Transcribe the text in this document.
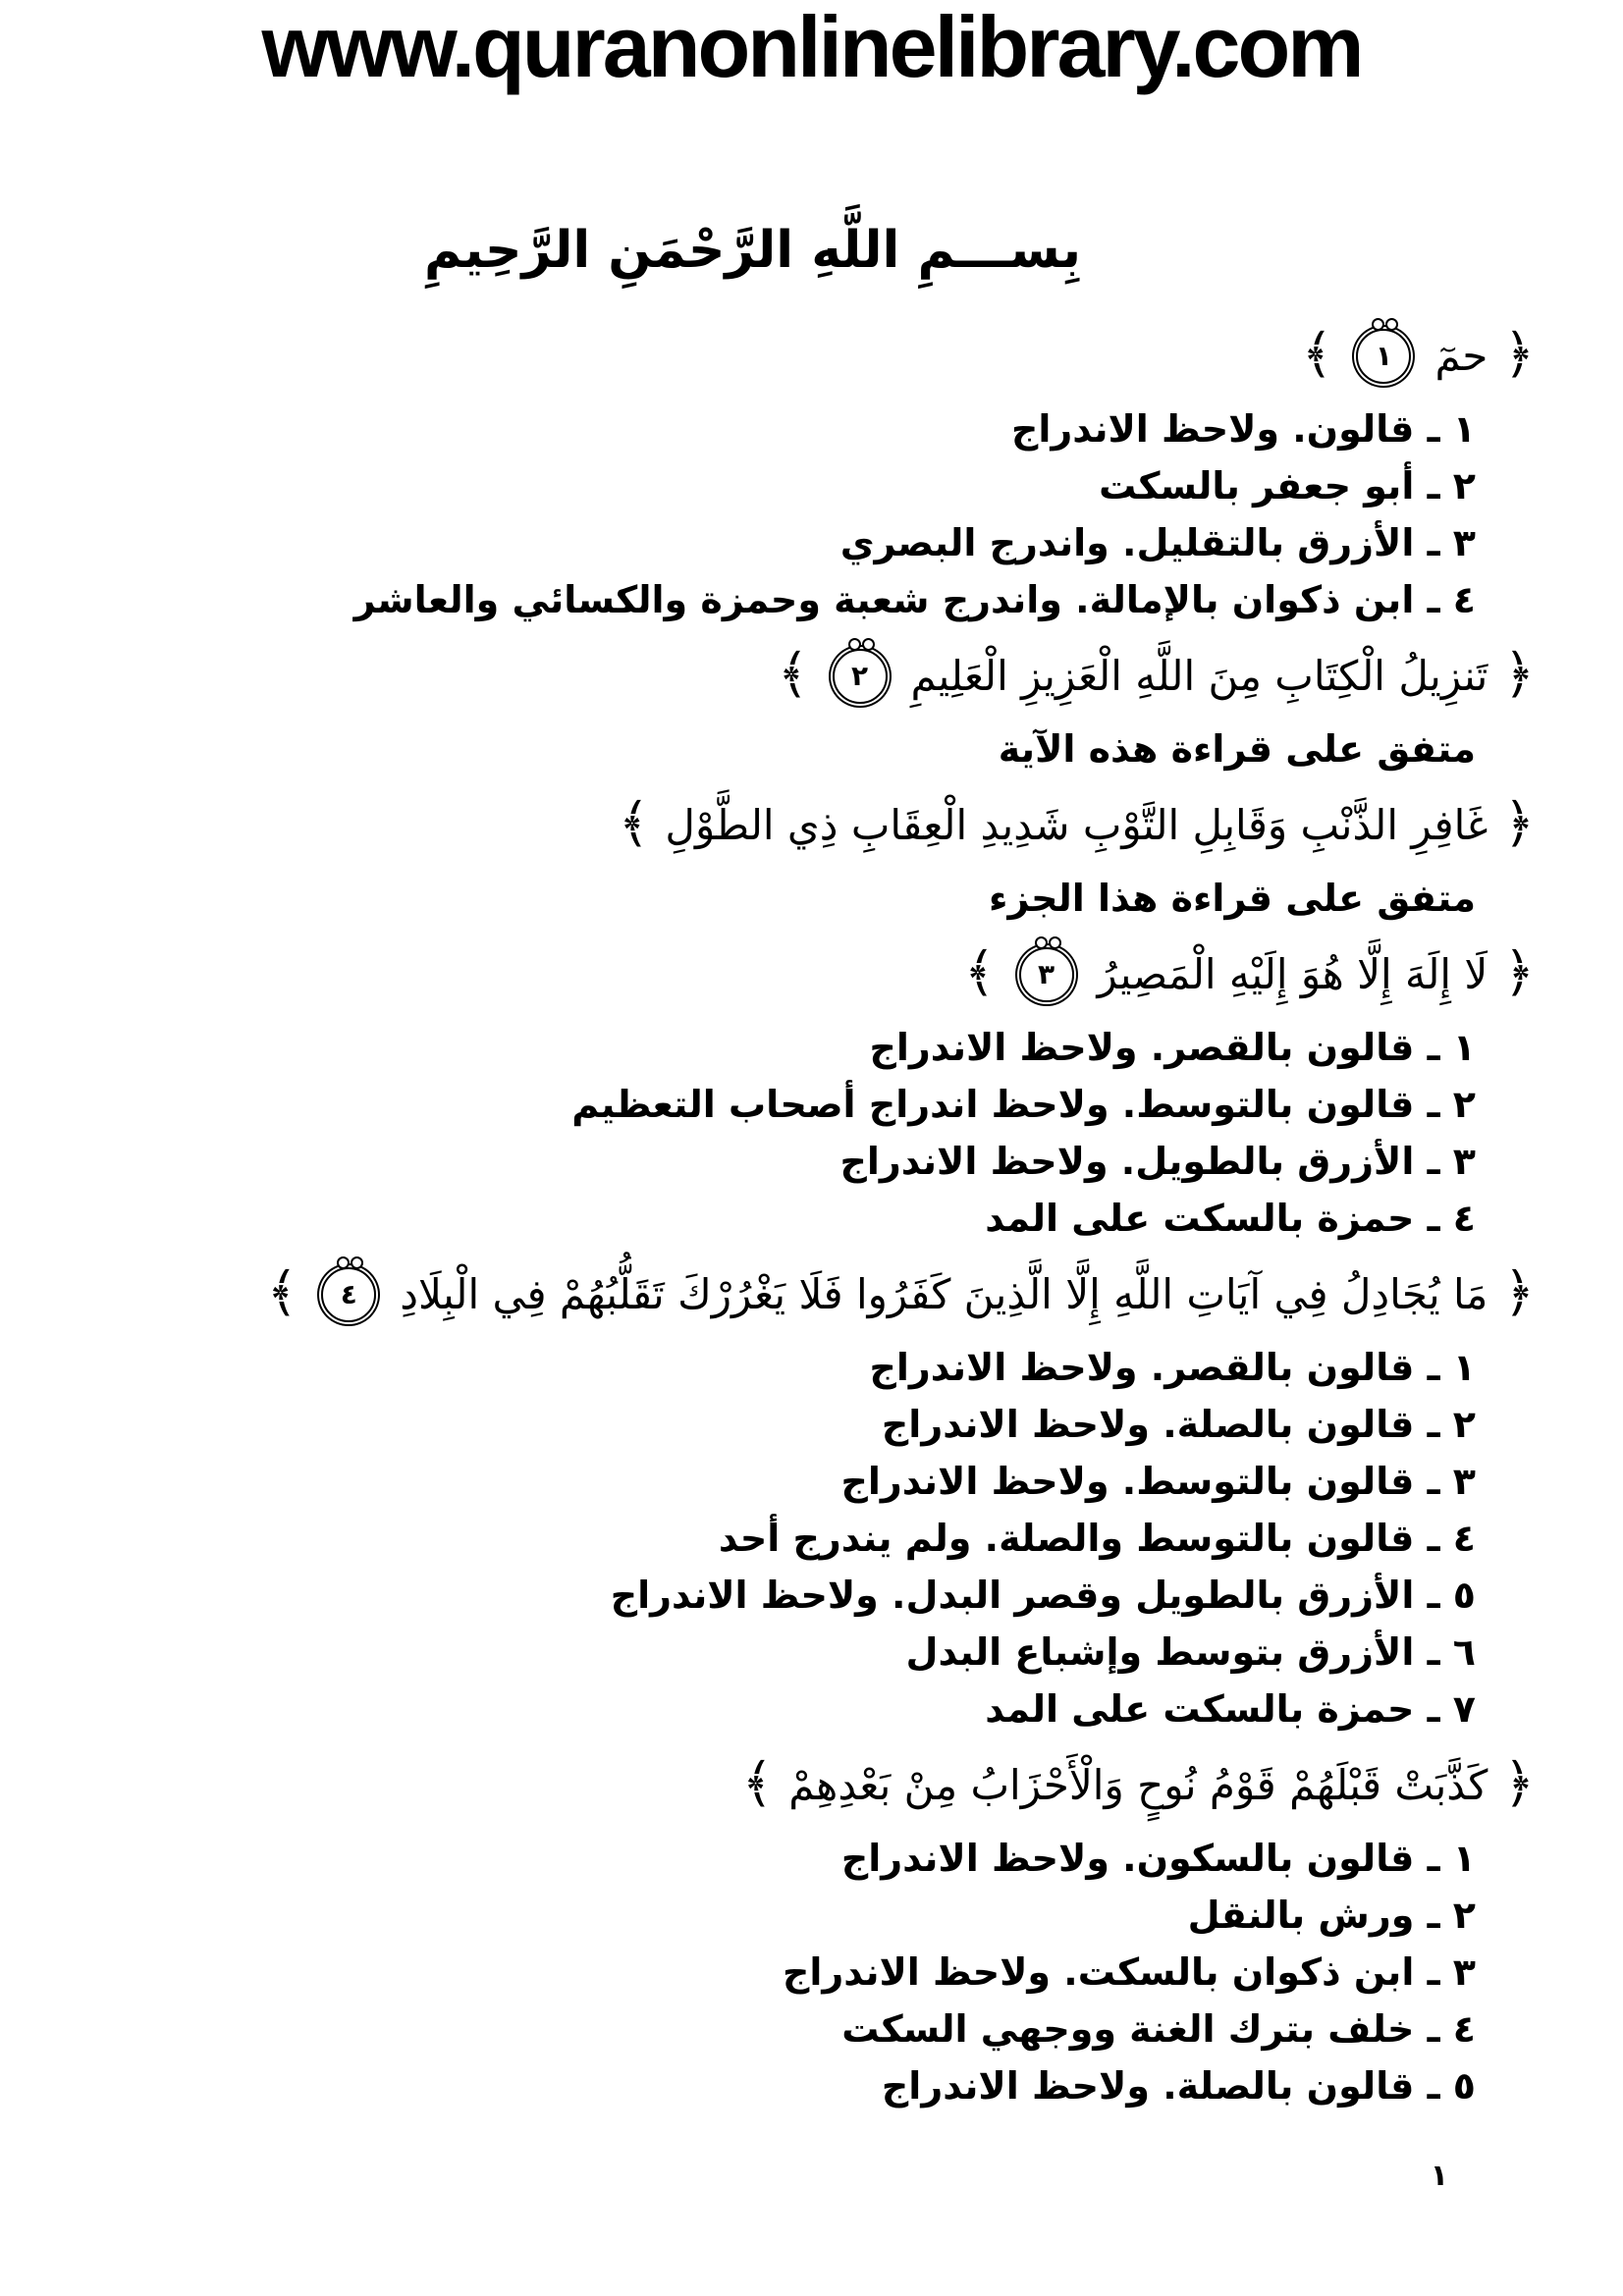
www.quranonlinelibrary.com
بِســـمِ اللَّهِ الرَّحْمَنِ الرَّحِيمِ
﴿
حمٓ
١
﴾
١ ـ قالون. ولاحظ الاندراج
٢ ـ أبو جعفر بالسكت
٣ ـ الأزرق بالتقليل. واندرج البصري
٤ ـ ابن ذكوان بالإمالة. واندرج شعبة وحمزة والكسائي والعاشر
﴿
تَنزِيلُ الْكِتَابِ مِنَ اللَّهِ الْعَزِيزِ الْعَلِيمِ
٢
﴾
متفق على قراءة هذه الآية
﴿
غَافِرِ الذَّنْبِ وَقَابِلِ التَّوْبِ شَدِيدِ الْعِقَابِ ذِي الطَّوْلِ
﴾
متفق على قراءة هذا الجزء
﴿
لَا إِلَهَ إِلَّا هُوَ إِلَيْهِ الْمَصِيرُ
٣
﴾
١ ـ قالون بالقصر. ولاحظ الاندراج
٢ ـ قالون بالتوسط. ولاحظ اندراج أصحاب التعظيم
٣ ـ الأزرق بالطويل. ولاحظ الاندراج
٤ ـ حمزة بالسكت على المد
﴿
مَا يُجَادِلُ فِي آيَاتِ اللَّهِ إِلَّا الَّذِينَ كَفَرُوا فَلَا يَغْرُرْكَ تَقَلُّبُهُمْ فِي الْبِلَادِ
٤
﴾
١ ـ قالون بالقصر. ولاحظ الاندراج
٢ ـ قالون بالصلة. ولاحظ الاندراج
٣ ـ قالون بالتوسط. ولاحظ الاندراج
٤ ـ قالون بالتوسط والصلة. ولم يندرج أحد
٥ ـ الأزرق بالطويل وقصر البدل. ولاحظ الاندراج
٦ ـ الأزرق بتوسط وإشباع البدل
٧ ـ حمزة بالسكت على المد
﴿
كَذَّبَتْ قَبْلَهُمْ قَوْمُ نُوحٍ وَالْأَحْزَابُ مِنْ بَعْدِهِمْ
﴾
١ ـ قالون بالسكون. ولاحظ الاندراج
٢ ـ ورش بالنقل
٣ ـ ابن ذكوان بالسكت. ولاحظ الاندراج
٤ ـ خلف بترك الغنة ووجهي السكت
٥ ـ قالون بالصلة. ولاحظ الاندراج
١
